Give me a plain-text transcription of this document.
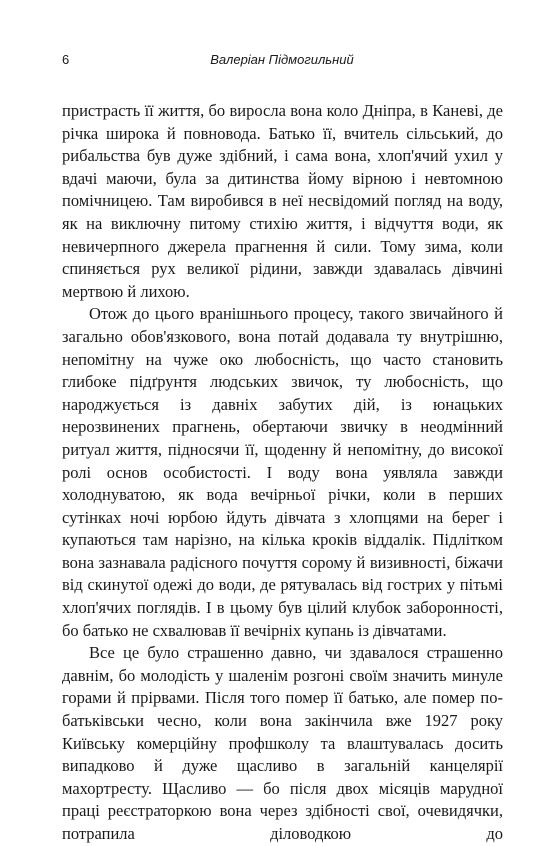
6	Валеріан Підмогильний

пристрасть її життя, бо виросла вона коло Дніпра, в Каневі, де річка широка й повновода. Батько її, вчитель сільський, до рибальства був дуже здібний, і сама вона, хлоп'ячий ухил у вдачі маючи, була за дитинства йому вірною і невтомною помічницею. Там виробився в неї несвідомий погляд на воду, як на виключну питому стихію життя, і відчуття води, як невичерпного джерела прагнення й сили. Тому зима, коли спиняється рух великої рідини, завжди здавалась дівчині мертвою й лихою.

Отож до цього вранішнього процесу, такого звичайного й загально обов'язкового, вона потай додавала ту внутрішню, непомітну на чуже око любосність, що часто становить глибоке підґрунтя людських звичок, ту любосність, що народжується із давніх забутих дій, із юнацьких нерозвинених прагнень, обертаючи звичку в неодмінний ритуал життя, підносячи її, щоденну й непомітну, до високої ролі основ особистості. І воду вона уявляла завжди холоднуватою, як вода вечірньої річки, коли в перших сутінках ночі юрбою йдуть дівчата з хлопцями на берег і купаються там нарізно, на кілька кроків віддалік. Підлітком вона зазнавала радісного почуття сорому й визивності, біжачи від скинутої одежі до води, де рятувалась від гострих у пітьмі хлоп'ячих поглядів. І в цьому був цілий клубок заборонності, бо батько не схвалював її вечірніх купань із дівчатами.

Все це було страшенно давно, чи здавалося страшенно давнім, бо молодість у шаленім розгоні своїм значить минуле горами й прірвами. Після того помер її батько, але помер по-батьківськи чесно, коли вона закінчила вже 1927 року Київську комерційну профшколу та влаштувалась досить випадково й дуже щасливо в загальній канцелярії махортресту. Щасливо — бо після двох місяців марудної праці реєстраторкою вона через здібності свої, очевидячки, потрапила діловодкою до
